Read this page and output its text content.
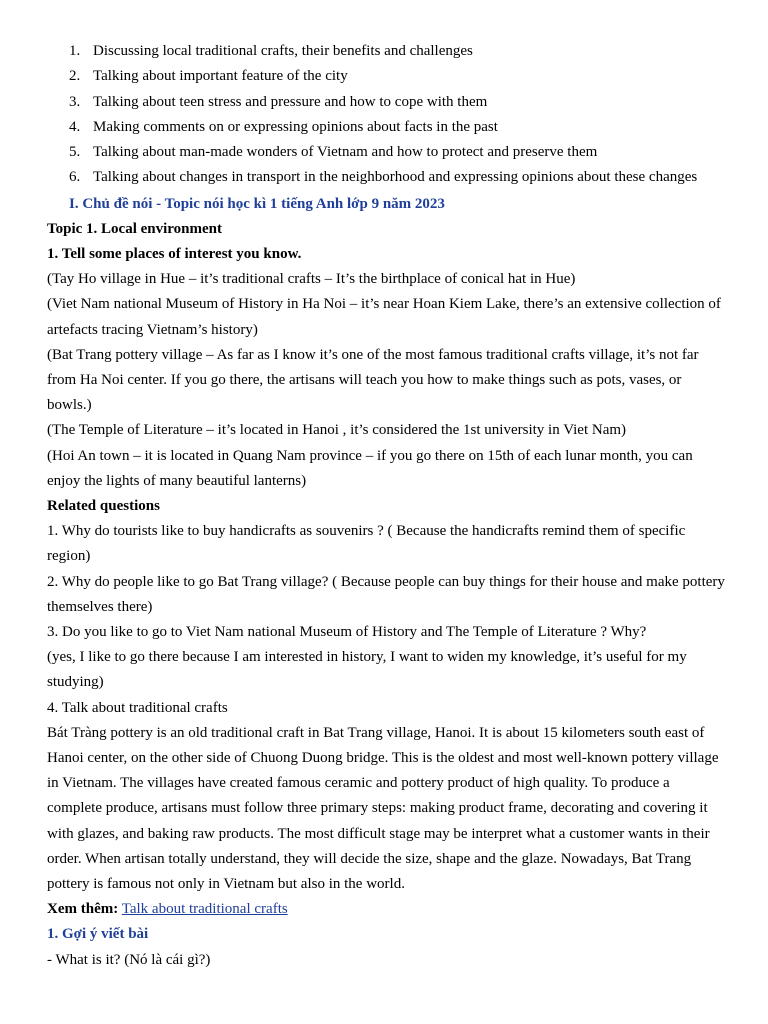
1. Discussing local traditional crafts, their benefits and challenges
2. Talking about important feature of the city
3. Talking about teen stress and pressure and how to cope with them
4. Making comments on or expressing opinions about facts in the past
5. Talking about man-made wonders of Vietnam and how to protect and preserve them
6. Talking about changes in transport in the neighborhood and expressing opinions about these changes
I. Chủ đề nói - Topic nói học kì 1 tiếng Anh lớp 9 năm 2023

Topic 1. Local environment

1. Tell some places of interest you know.

(Tay Ho village in Hue – it’s traditional crafts – It’s the birthplace of conical hat in Hue)

(Viet Nam national Museum of History in Ha Noi – it’s near Hoan Kiem Lake, there’s an extensive collection of artefacts tracing Vietnam’s history)

(Bat Trang pottery village – As far as I know it’s one of the most famous traditional crafts village, it’s not far from Ha Noi center. If you go there, the artisans will teach you how to make things such as pots, vases, or bowls.)

(The Temple of Literature – it’s located in Hanoi , it’s considered the 1st university in Viet Nam)

(Hoi An town – it is located in Quang Nam province – if you go there on 15th of each lunar month, you can enjoy the lights of many beautiful lanterns)

Related questions

1. Why do tourists like to buy handicrafts as souvenirs ? ( Because the handicrafts remind them of specific region)

2. Why do people like to go Bat Trang village? ( Because people can buy things for their house and make pottery themselves there)

3. Do you like to go to Viet Nam national Museum of History and The Temple of Literature ? Why?

(yes, I like to go there because I am interested in history, I want to widen my knowledge, it’s useful for my studying)

4. Talk about traditional crafts

Bát Tràng pottery is an old traditional craft in Bat Trang village, Hanoi. It is about 15 kilometers south east of Hanoi center, on the other side of Chuong Duong bridge. This is the oldest and most well-known pottery village in Vietnam. The villages have created famous ceramic and pottery product of high quality. To produce a complete produce, artisans must follow three primary steps: making product frame, decorating and covering it with glazes, and baking raw products. The most difficult stage may be interpret what a customer wants in their order. When artisan totally understand, they will decide the size, shape and the glaze. Nowadays, Bat Trang pottery is famous not only in Vietnam but also in the world.

Xem thêm: Talk about traditional crafts

1. Gợi ý viết bài

- What is it? (Nó là cái gì?)
